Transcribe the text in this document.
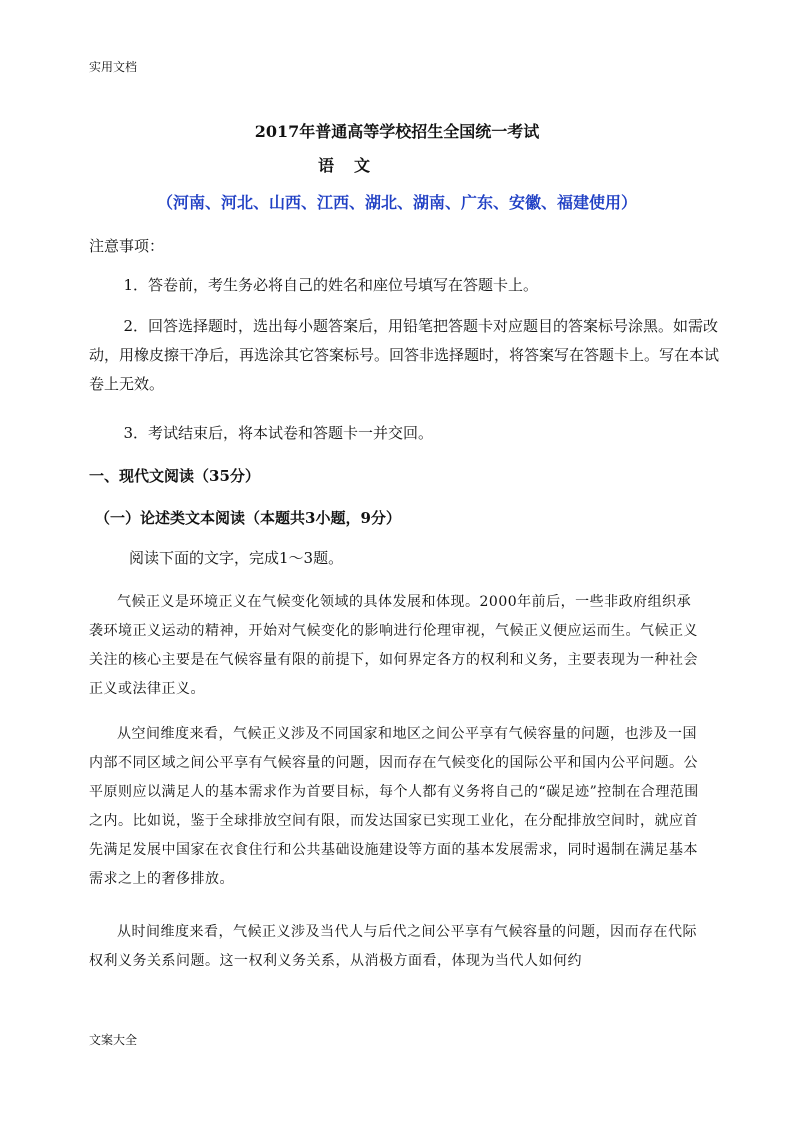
实用文档
2017年普通高等学校招生全国统一考试
语文
（河南、河北、山西、江西、湖北、湖南、广东、安徽、福建使用）
注意事项：

1．答卷前，考生务必将自己的姓名和座位号填写在答题卡上。

2．回答选择题时，选出每小题答案后，用铅笔把答题卡对应题目的答案标号涂黑。如需改动，用橡皮擦干净后，再选涂其它答案标号。回答非选择题时，将答案写在答题卡上。写在本试卷上无效。

3．考试结束后，将本试卷和答题卡一并交回。

一、现代文阅读（35分）
（一）论述类文本阅读（本题共3小题，9分）
阅读下面的文字，完成1～3题。

气候正义是环境正义在气候变化领域的具体发展和体现。2000年前后，一些非政府组织承袭环境正义运动的精神，开始对气候变化的影响进行伦理审视，气候正义便应运而生。气候正义关注的核心主要是在气候容量有限的前提下，如何界定各方的权利和义务，主要表现为一种社会正义或法律正义。

从空间维度来看，气候正义涉及不同国家和地区之间公平享有气候容量的问题，也涉及一国内部不同区域之间公平享有气候容量的问题，因而存在气候变化的国际公平和国内公平问题。公平原则应以满足人的基本需求作为首要目标，每个人都有义务将自己的“碳足迹”控制在合理范围之内。比如说，鉴于全球排放空间有限，而发达国家已实现工业化，在分配排放空间时，就应首先满足发展中国家在衣食住行和公共基础设施建设等方面的基本发展需求，同时遏制在满足基本需求之上的奢侈排放。

从时间维度来看，气候正义涉及当代人与后代之间公平享有气候容量的问题，因而存在代际权利义务关系问题。这一权利义务关系，从消极方面看，体现为当代人如何约

文案大全
